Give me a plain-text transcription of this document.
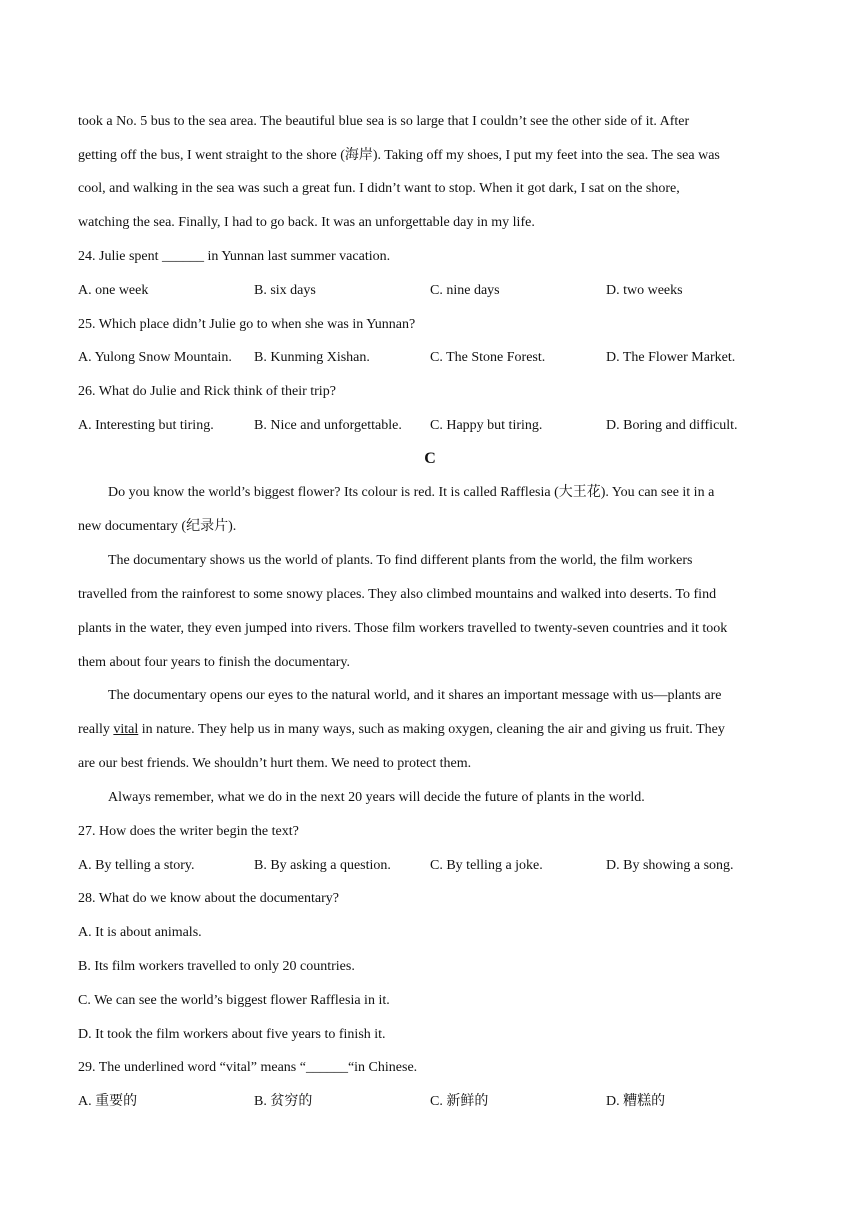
took a No. 5 bus to the sea area. The beautiful blue sea is so large that I couldn’t see the other side of it. After
getting off the bus, I went straight to the shore (海岸). Taking off my shoes, I put my feet into the sea. The sea was
cool, and walking in the sea was such a great fun. I didn’t want to stop. When it got dark, I sat on the shore,
watching the sea. Finally, I had to go back. It was an unforgettable day in my life.
24. Julie spent ______ in Yunnan last summer vacation.
A. one week	B. six days	C. nine days	D. two weeks
25. Which place didn’t Julie go to when she was in Yunnan?
A. Yulong Snow Mountain. B. Kunming Xishan.	C. The Stone Forest.	D. The Flower Market.
26. What do Julie and Rick think of their trip?
A. Interesting but tiring.	B. Nice and unforgettable. C. Happy but tiring.	D. Boring and difficult.
C
Do you know the world’s biggest flower? Its colour is red. It is called Rafflesia (大王花). You can see it in a
new documentary (纪录片).
The documentary shows us the world of plants. To find different plants from the world, the film workers
travelled from the rainforest to some snowy places. They also climbed mountains and walked into deserts. To find
plants in the water, they even jumped into rivers. Those film workers travelled to twenty-seven countries and it took
them about four years to finish the documentary.
The documentary opens our eyes to the natural world, and it shares an important message with us—plants are
really vital in nature. They help us in many ways, such as making oxygen, cleaning the air and giving us fruit. They
are our best friends. We shouldn’t hurt them. We need to protect them.
Always remember, what we do in the next 20 years will decide the future of plants in the world.
27. How does the writer begin the text?
A. By telling a story.	B. By asking a question.	C. By telling a joke.	D. By showing a song.
28. What do we know about the documentary?
A. It is about animals.
B. Its film workers travelled to only 20 countries.
C. We can see the world’s biggest flower Rafflesia in it.
D. It took the film workers about five years to finish it.
29. The underlined word “vital” means “______“in Chinese.
A. 重要的	B. 贫穷的	C. 新鲜的	D. 糟糕的
